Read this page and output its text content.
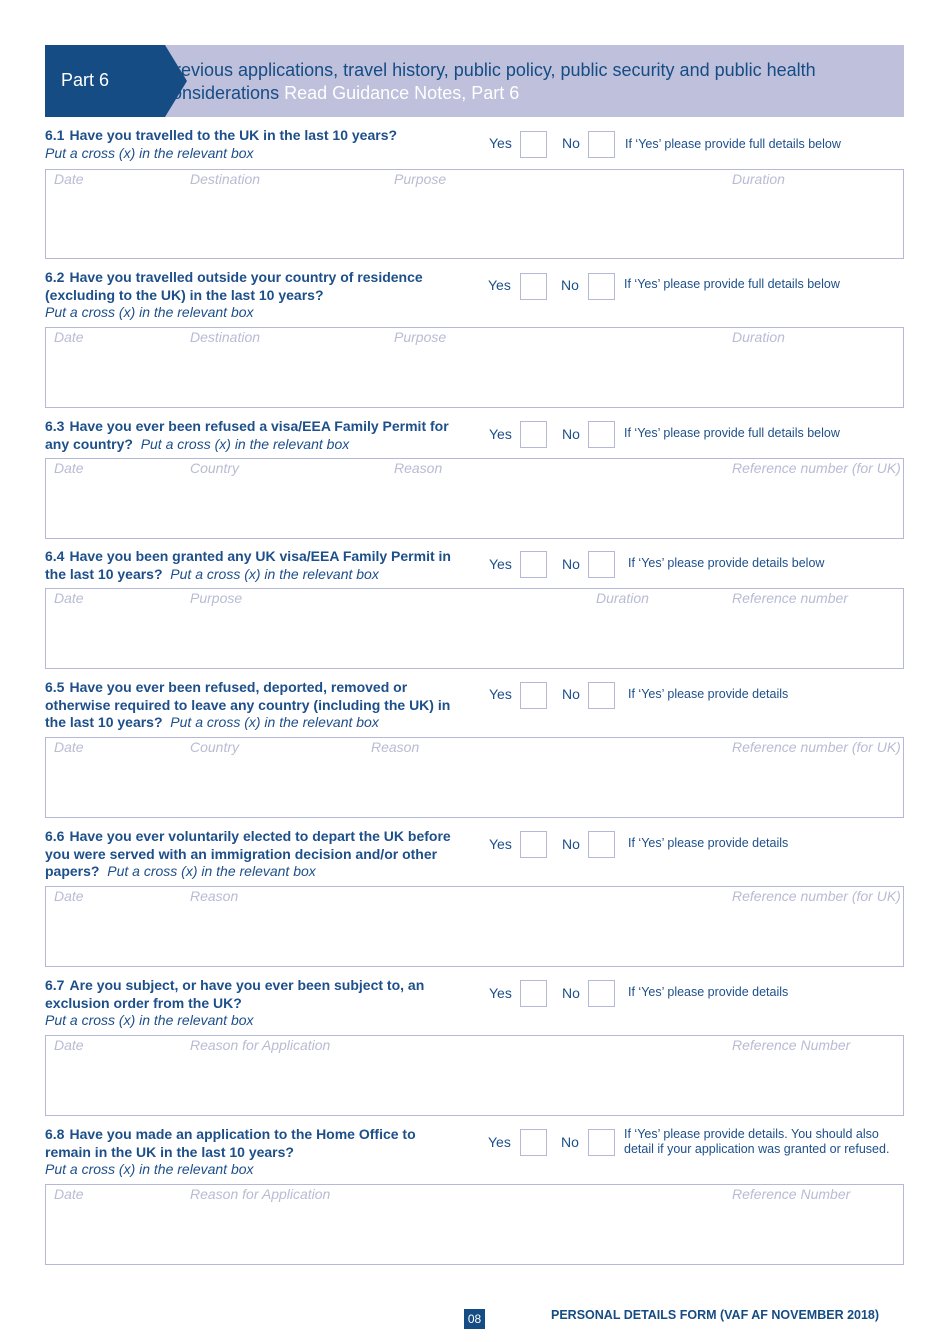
Part 6	Previous applications, travel history, public policy, public security and public health considerations Read Guidance Notes, Part 6
6.1 Have you travelled to the UK in the last 10 years?
Put a cross (x) in the relevant box
Yes	No	If ‘Yes’ please provide full details below
Date	Destination	Purpose	Duration
6.2 Have you travelled outside your country of residence (excluding to the UK) in the last 10 years?
Put a cross (x) in the relevant box
Yes	No	If ‘Yes’ please provide full details below
Date	Destination	Purpose	Duration
6.3 Have you ever been refused a visa/EEA Family Permit for any country? Put a cross (x) in the relevant box
Yes	No	If ‘Yes’ please provide full details below
Date	Country	Reason	Reference number (for UK)
6.4 Have you been granted any UK visa/EEA Family Permit in the last 10 years? Put a cross (x) in the relevant box
Yes	No	If ‘Yes’ please provide details below
Date	Purpose	Duration	Reference number
6.5 Have you ever been refused, deported, removed or otherwise required to leave any country (including the UK) in the last 10 years? Put a cross (x) in the relevant box
Yes	No	If ‘Yes’ please provide details
Date	Country	Reason	Reference number (for UK)
6.6 Have you ever voluntarily elected to depart the UK before you were served with an immigration decision and/or other papers? Put a cross (x) in the relevant box
Yes	No	If ‘Yes’ please provide details
Date	Reason	Reference number (for UK)
6.7 Are you subject, or have you ever been subject to, an exclusion order from the UK?
Put a cross (x) in the relevant box
Yes	No	If ‘Yes’ please provide details
Date	Reason for Application	Reference Number
6.8 Have you made an application to the Home Office to remain in the UK in the last 10 years?
Put a cross (x) in the relevant box
Yes	No	If ‘Yes’ please provide details. You should also detail if your application was granted or refused.
Date	Reason for Application	Reference Number
08	PERSONAL DETAILS FORM (VAF AF NOVEMBER 2018)
